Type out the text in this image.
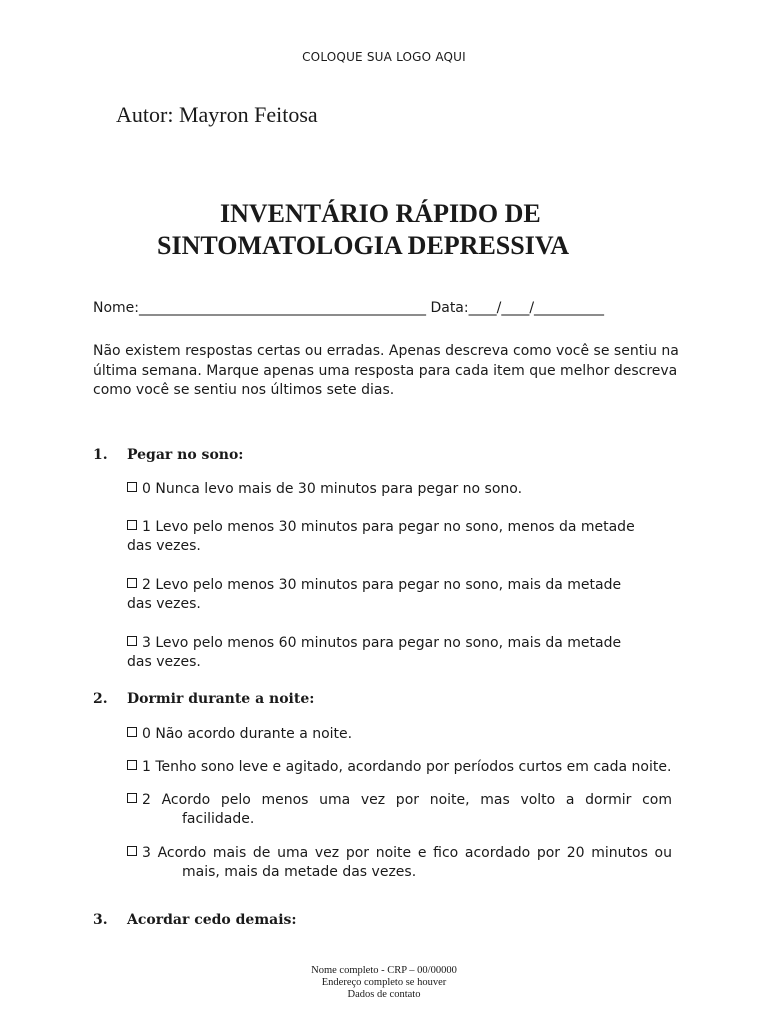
COLOQUE SUA LOGO AQUI
Autor: Mayron Feitosa
INVENTÁRIO RÁPIDO DE
SINTOMATOLOGIA DEPRESSIVA
Nome:_________________________________________ Data:____/____/__________
Não existem respostas certas ou erradas. Apenas descreva como você se sentiu na última semana. Marque apenas uma resposta para cada item que melhor descreva como você se sentiu nos últimos sete dias.
1. Pegar no sono:
0 Nunca levo mais de 30 minutos para pegar no sono.
1 Levo pelo menos 30 minutos para pegar no sono, menos da metade das vezes.
2 Levo pelo menos 30 minutos para pegar no sono, mais da metade das vezes.
3 Levo pelo menos 60 minutos para pegar no sono, mais da metade das vezes.
2. Dormir durante a noite:
0 Não acordo durante a noite.
1 Tenho sono leve e agitado, acordando por períodos curtos em cada noite.
2 Acordo pelo menos uma vez por noite, mas volto a dormir com facilidade.
3 Acordo mais de uma vez por noite e fico acordado por 20 minutos ou mais, mais da metade das vezes.
3. Acordar cedo demais:
Nome completo - CRP – 00/00000
Endereço completo se houver
Dados de contato
